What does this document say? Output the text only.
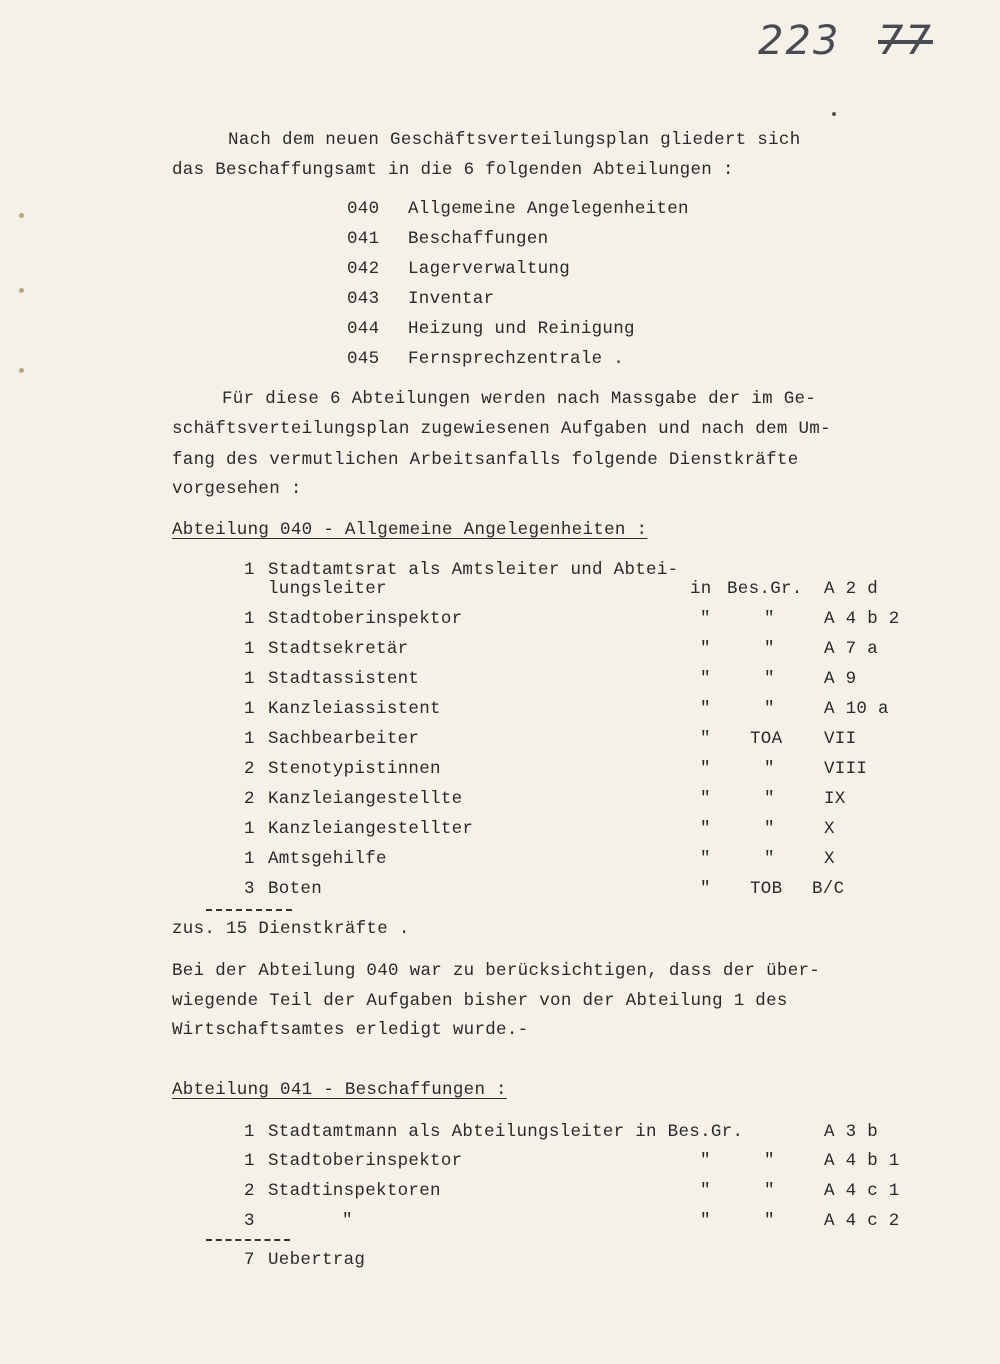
223 77
Nach dem neuen Geschäftsverteilungsplan gliedert sich
das Beschaffungsamt in die 6 folgenden Abteilungen :
040 Allgemeine Angelegenheiten
041 Beschaffungen
042 Lagerverwaltung
043 Inventar
044 Heizung und Reinigung
045 Fernsprechzentrale .
Für diese 6 Abteilungen werden nach Massgabe der im Ge-
schäftsverteilungsplan zugewiesenen Aufgaben und nach dem Um-
fang des vermutlichen Arbeitsanfalls folgende Dienstkräfte
vorgesehen :
Abteilung 040 - Allgemeine Angelegenheiten :
1 Stadtamtsrat als Amtsleiter und Abtei-
lungsleiter	in Bes.Gr. A 2 d
1 Stadtoberinspektor	"	"	A 4 b 2
1 Stadtsekretär	"	"	A 7 a
1 Stadtassistent	"	"	A 9
1 Kanzleiassistent	"	"	A 10 a
1 Sachbearbeiter	" TOA VII
2 Stenotypistinnen	"	"	VIII
2 Kanzleiangestellte	"	"	IX
1 Kanzleiangestellter	"	"	X
1 Amtsgehilfe	"	"	X
3 Boten	" TOB B/C
zus. 15 Dienstkräfte .
Bei der Abteilung 040 war zu berücksichtigen, dass der über-
wiegende Teil der Aufgaben bisher von der Abteilung 1 des
Wirtschaftsamtes erledigt wurde.-
Abteilung 041 - Beschaffungen :
1 Stadtamtmann als Abteilungsleiter in Bes.Gr.	A 3 b
1 Stadtoberinspektor	"	"	A 4 b 1
2 Stadtinspektoren	"	"	A 4 c 1
3	"	"	"	A 4 c 2
7 Uebertrag
